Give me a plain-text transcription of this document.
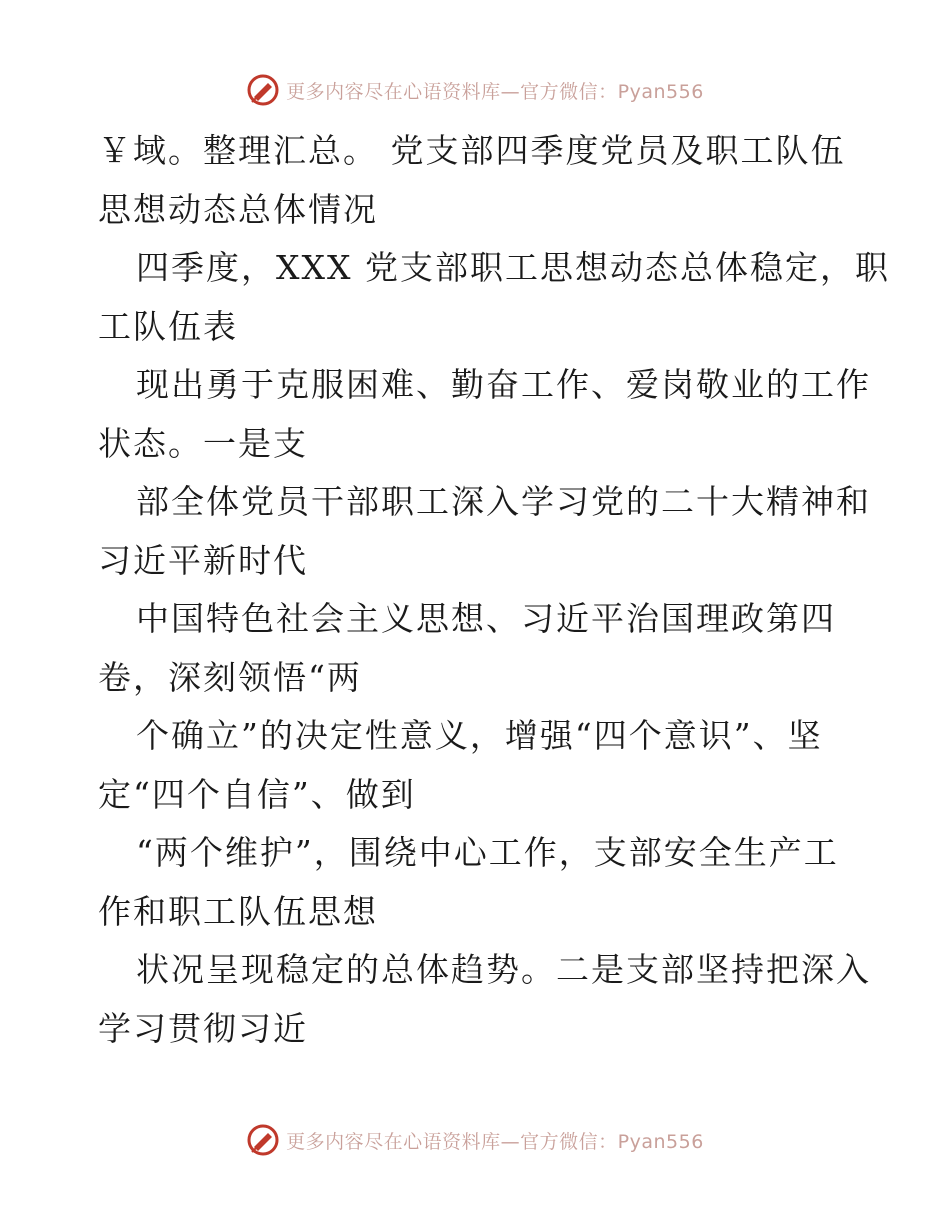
更多内容尽在心语资料库—官方微信：Pyan556
￥域。整理汇总。 党支部四季度党员及职工队伍
思想动态总体情况
四季度，XXX 党支部职工思想动态总体稳定，职
工队伍表
现出勇于克服困难、勤奋工作、爱岗敬业的工作
状态。一是支
部全体党员干部职工深入学习党的二十大精神和
习近平新时代
中国特色社会主义思想、习近平治国理政第四
卷，深刻领悟“两
个确立”的决定性意义，增强“四个意识”、坚
定“四个自信”、做到
“两个维护”，围绕中心工作，支部安全生产工
作和职工队伍思想
状况呈现稳定的总体趋势。二是支部坚持把深入
学习贯彻习近
更多内容尽在心语资料库—官方微信：Pyan556
